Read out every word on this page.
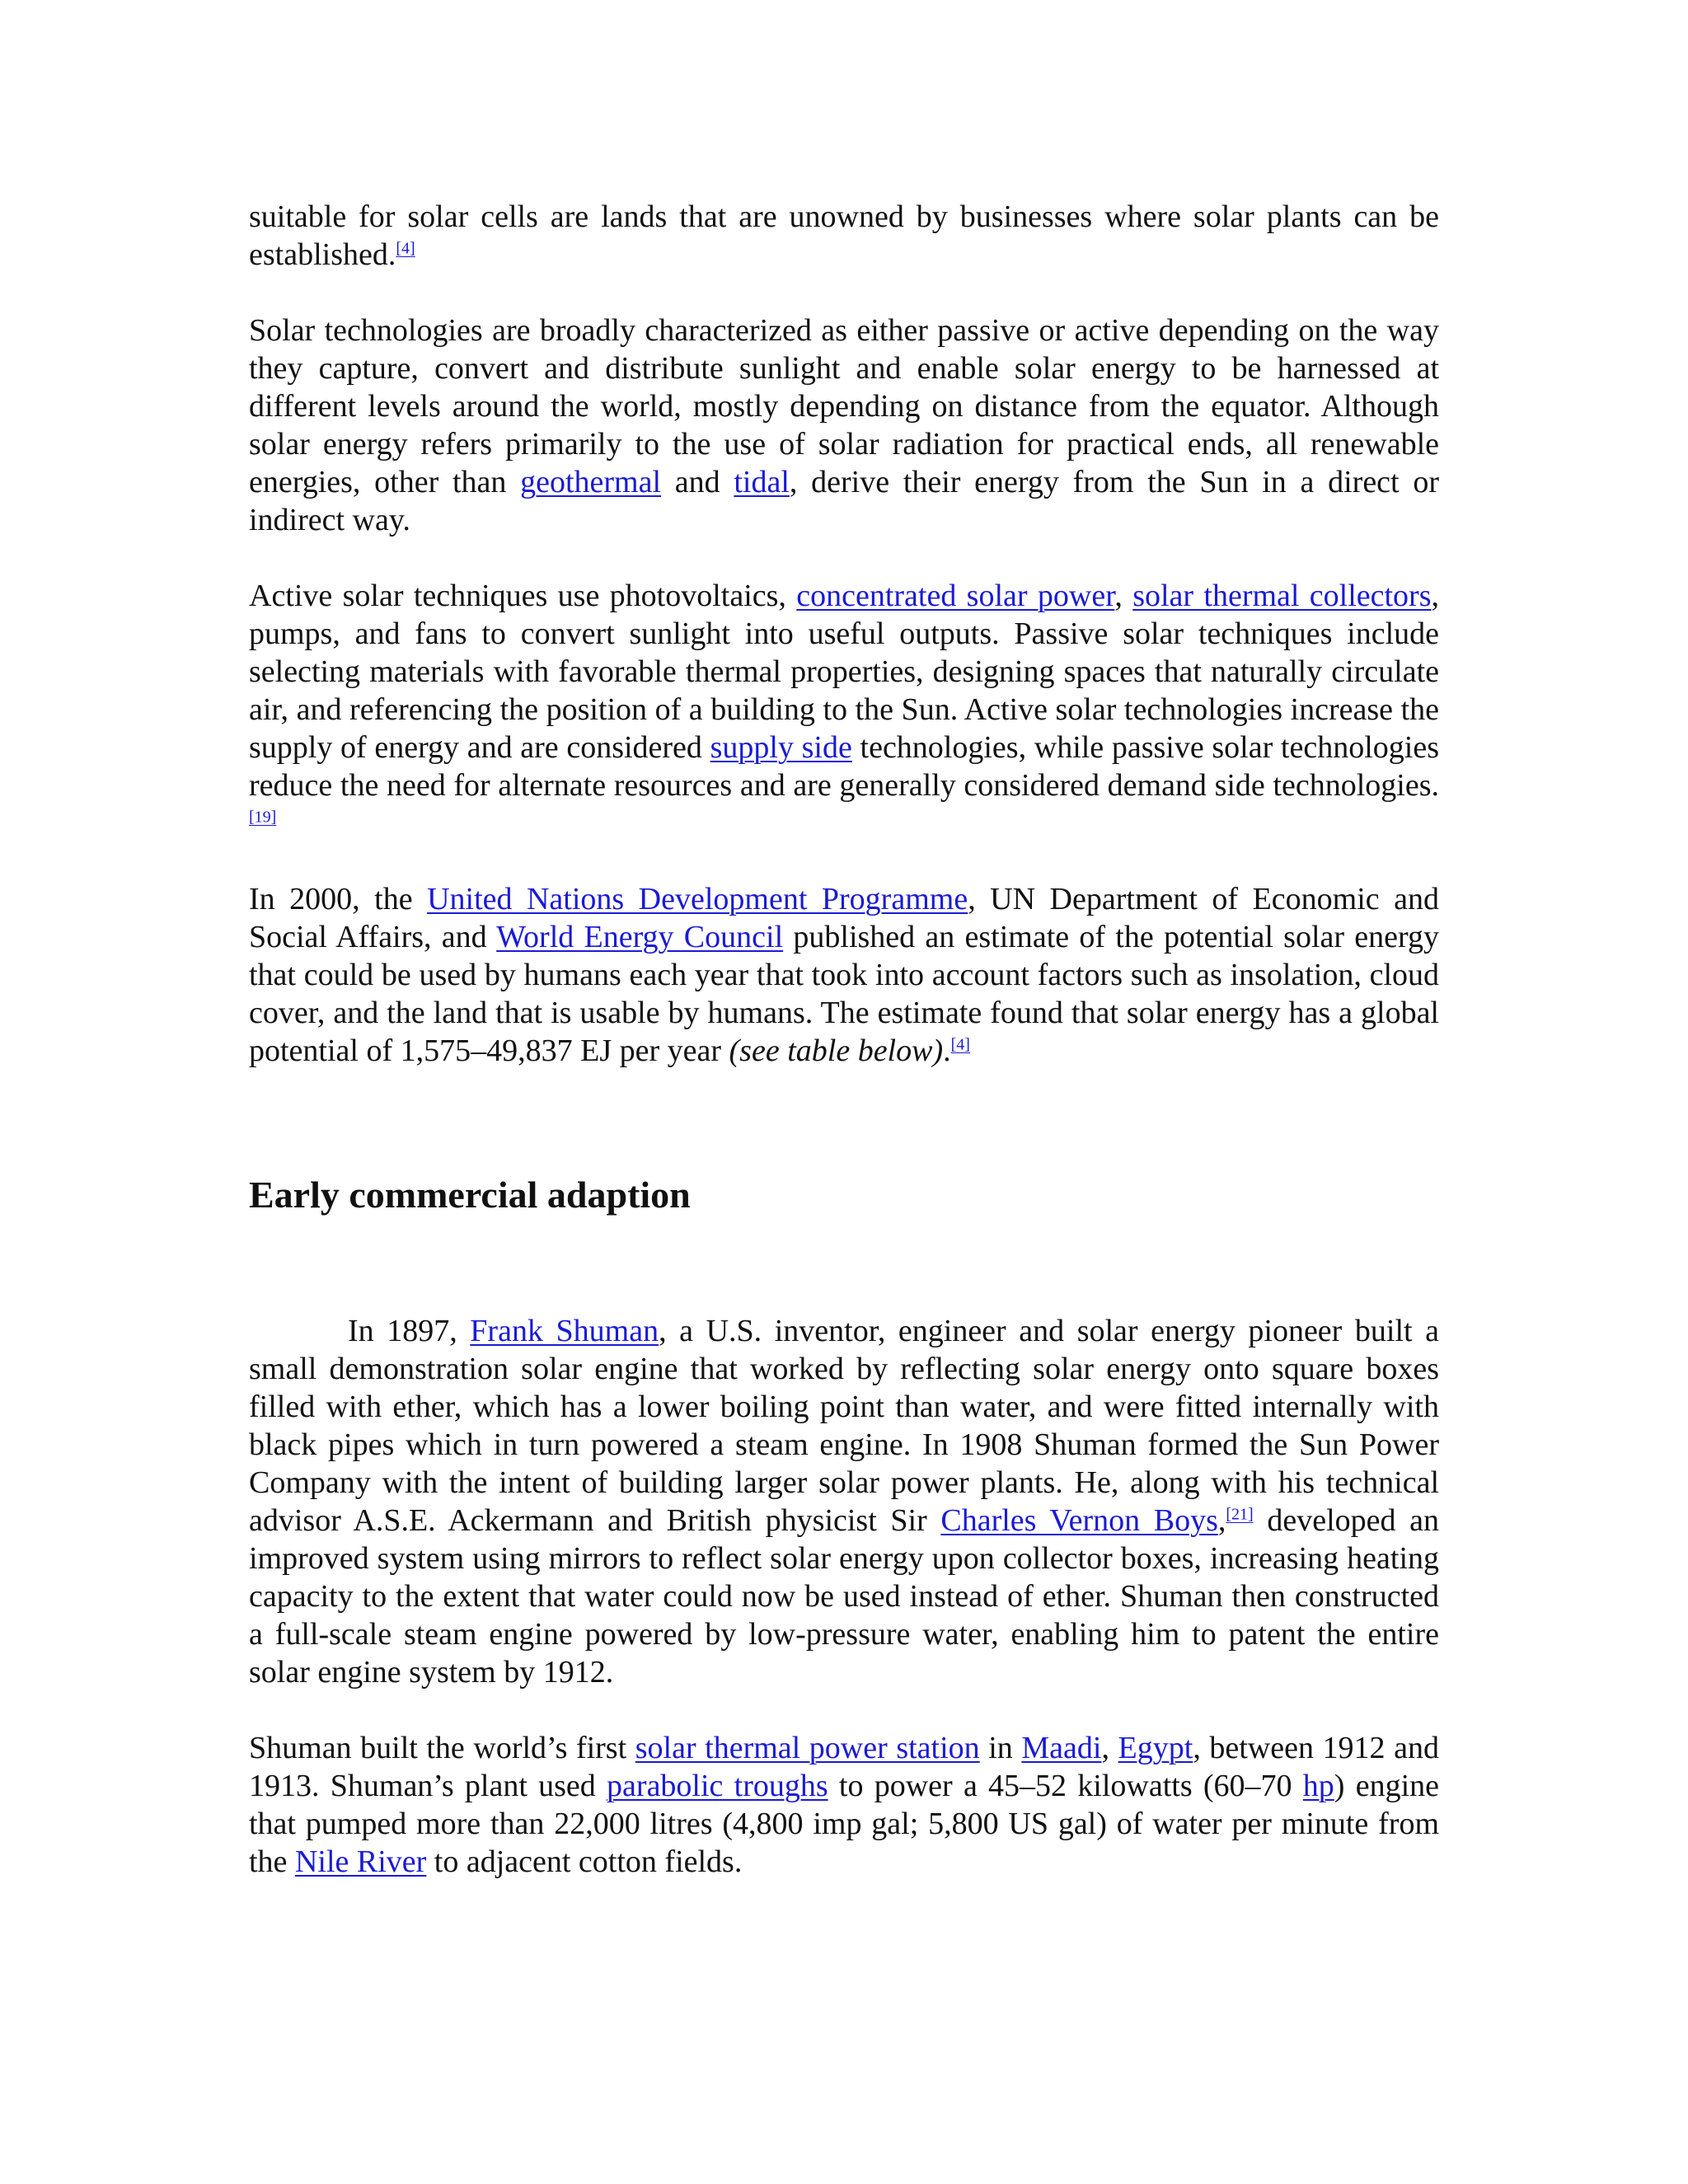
suitable for solar cells are lands that are unowned by businesses where solar plants can be established.[4]

Solar technologies are broadly characterized as either passive or active depending on the way they capture, convert and distribute sunlight and enable solar energy to be harnessed at different levels around the world, mostly depending on distance from the equator. Although solar energy refers primarily to the use of solar radiation for practical ends, all renewable energies, other than geothermal and tidal, derive their energy from the Sun in a direct or indirect way.

Active solar techniques use photovoltaics, concentrated solar power, solar thermal collectors, pumps, and fans to convert sunlight into useful outputs. Passive solar techniques include selecting materials with favorable thermal properties, designing spaces that naturally circulate air, and referencing the position of a building to the Sun. Active solar technologies increase the supply of energy and are considered supply side technologies, while passive solar technologies reduce the need for alternate resources and are generally considered demand side technologies.[19]

In 2000, the United Nations Development Programme, UN Department of Economic and Social Affairs, and World Energy Council published an estimate of the potential solar energy that could be used by humans each year that took into account factors such as insolation, cloud cover, and the land that is usable by humans. The estimate found that solar energy has a global potential of 1,575–49,837 EJ per year (see table below).[4]

Early commercial adaption

In 1897, Frank Shuman, a U.S. inventor, engineer and solar energy pioneer built a small demonstration solar engine that worked by reflecting solar energy onto square boxes filled with ether, which has a lower boiling point than water, and were fitted internally with black pipes which in turn powered a steam engine. In 1908 Shuman formed the Sun Power Company with the intent of building larger solar power plants. He, along with his technical advisor A.S.E. Ackermann and British physicist Sir Charles Vernon Boys,[21] developed an improved system using mirrors to reflect solar energy upon collector boxes, increasing heating capacity to the extent that water could now be used instead of ether. Shuman then constructed a full-scale steam engine powered by low-pressure water, enabling him to patent the entire solar engine system by 1912.

Shuman built the world’s first solar thermal power station in Maadi, Egypt, between 1912 and 1913. Shuman’s plant used parabolic troughs to power a 45–52 kilowatts (60–70 hp) engine that pumped more than 22,000 litres (4,800 imp gal; 5,800 US gal) of water per minute from the Nile River to adjacent cotton fields.
